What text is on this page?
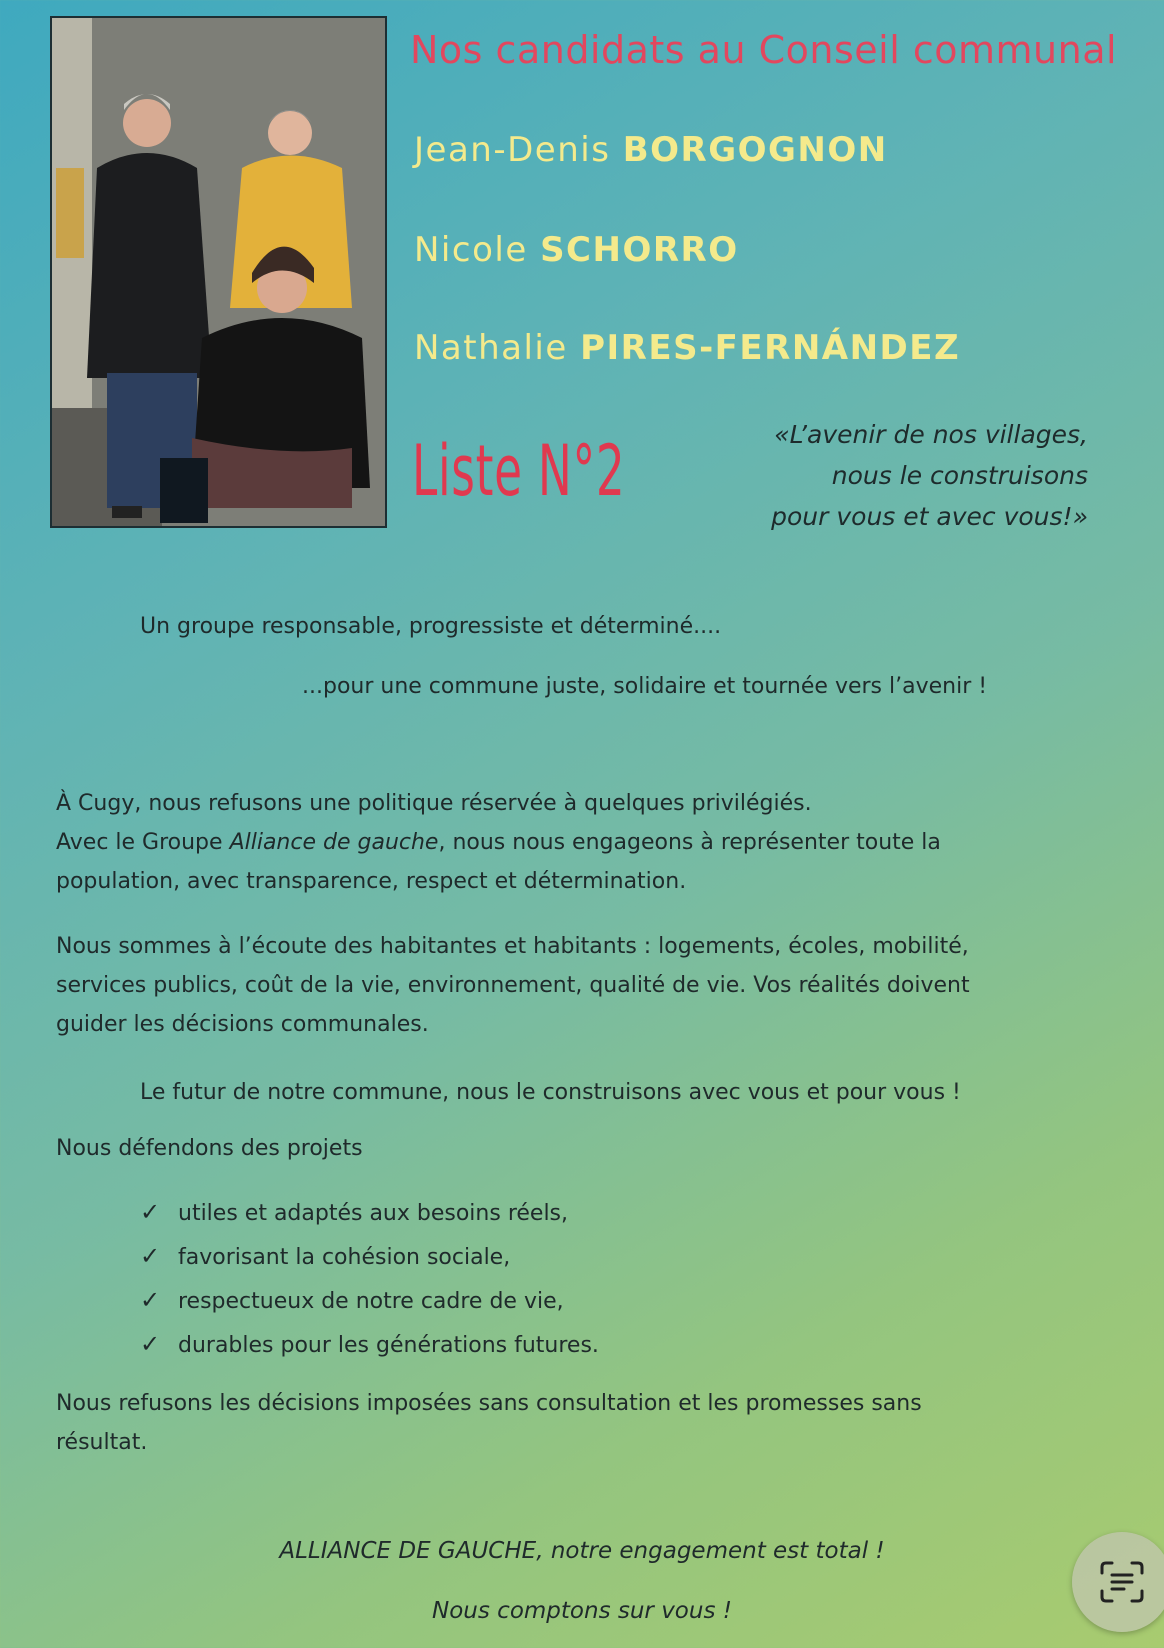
Nos candidats au Conseil communal

Jean-Denis BORGOGNON

Nicole SCHORRO

Nathalie PIRES-FERNÁNDEZ

Liste N°2	«L’avenir de nos villages,
nous le construisons
pour vous et avec vous!»

Un groupe responsable, progressiste et déterminé....

...pour une commune juste, solidaire et tournée vers l’avenir !

À Cugy, nous refusons une politique réservée à quelques privilégiés.
Avec le Groupe Alliance de gauche, nous nous engageons à représenter toute la
population, avec transparence, respect et détermination.
Nous sommes à l’écoute des habitantes et habitants : logements, écoles, mobilité,
services publics, coût de la vie, environnement, qualité de vie. Vos réalités doivent
guider les décisions communales.

Le futur de notre commune, nous le construisons avec vous et pour vous !

Nous défendons des projets

✓ utiles et adaptés aux besoins réels,
✓ favorisant la cohésion sociale,
✓ respectueux de notre cadre de vie,
✓ durables pour les générations futures.
Nous refusons les décisions imposées sans consultation et les promesses sans
résultat.

ALLIANCE DE GAUCHE, notre engagement est total !

Nous comptons sur vous !
